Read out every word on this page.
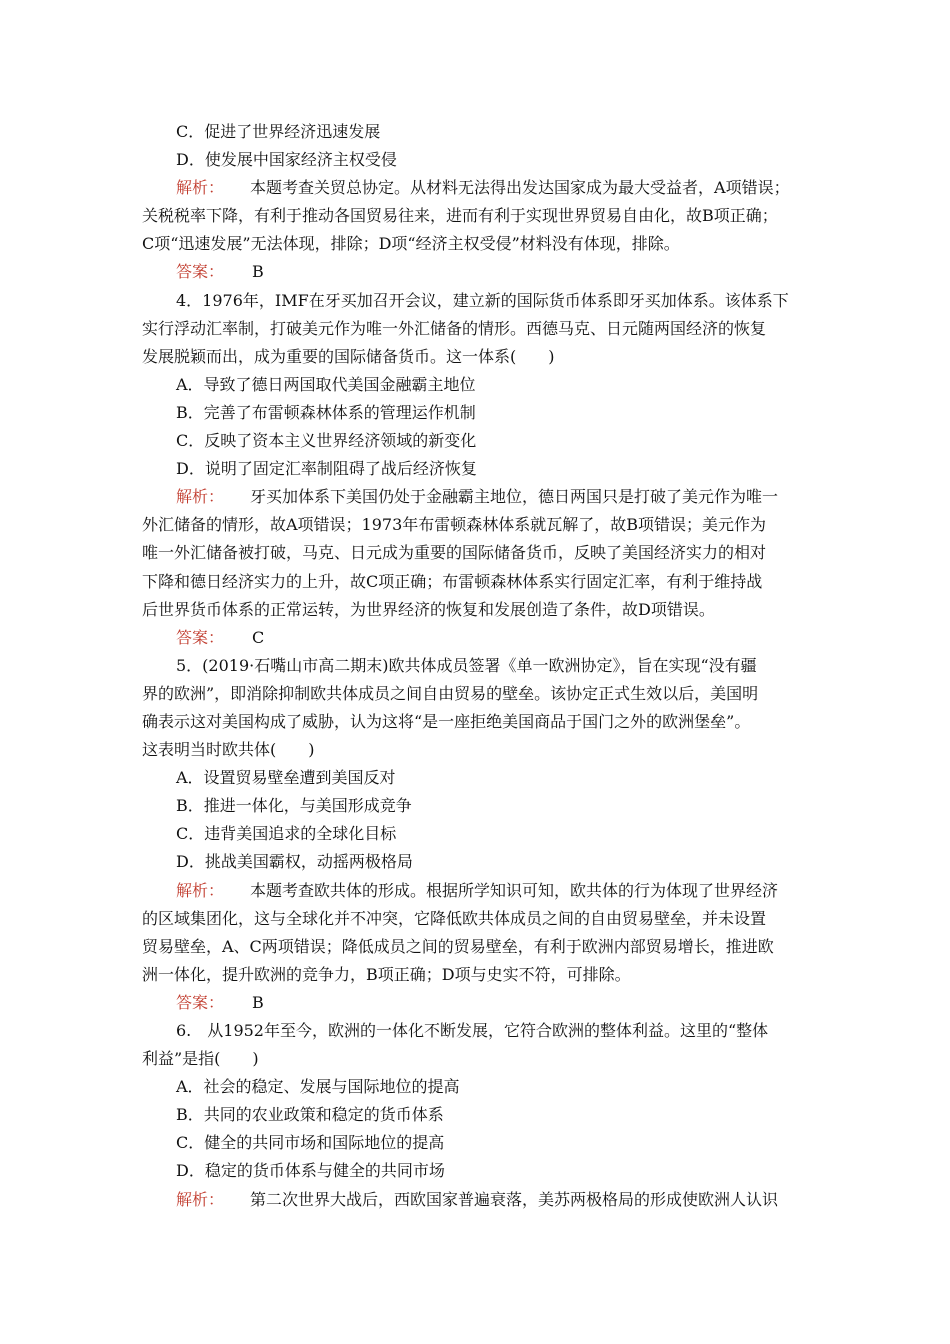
C．促进了世界经济迅速发展
D．使发展中国家经济主权受侵
解析： 本题考查关贸总协定。从材料无法得出发达国家成为最大受益者，A项错误；
关税税率下降，有利于推动各国贸易往来，进而有利于实现世界贸易自由化，故B项正确；
C项“迅速发展”无法体现，排除；D项“经济主权受侵”材料没有体现，排除。
答案： B
4．1976年，IMF在牙买加召开会议，建立新的国际货币体系即牙买加体系。该体系下
实行浮动汇率制，打破美元作为唯一外汇储备的情形。西德马克、日元随两国经济的恢复
发展脱颖而出，成为重要的国际储备货币。这一体系(　　)
A．导致了德日两国取代美国金融霸主地位
B．完善了布雷顿森林体系的管理运作机制
C．反映了资本主义世界经济领域的新变化
D．说明了固定汇率制阻碍了战后经济恢复
解析： 牙买加体系下美国仍处于金融霸主地位，德日两国只是打破了美元作为唯一
外汇储备的情形，故A项错误；1973年布雷顿森林体系就瓦解了，故B项错误；美元作为
唯一外汇储备被打破，马克、日元成为重要的国际储备货币，反映了美国经济实力的相对
下降和德日经济实力的上升，故C项正确；布雷顿森林体系实行固定汇率，有利于维持战
后世界货币体系的正常运转，为世界经济的恢复和发展创造了条件，故D项错误。
答案： C
5．(2019·石嘴山市高二期末)欧共体成员签署《单一欧洲协定》，旨在实现“没有疆
界的欧洲”，即消除抑制欧共体成员之间自由贸易的壁垒。该协定正式生效以后，美国明
确表示这对美国构成了威胁，认为这将“是一座拒绝美国商品于国门之外的欧洲堡垒”。
这表明当时欧共体(　　)
A．设置贸易壁垒遭到美国反对
B．推进一体化，与美国形成竞争
C．违背美国追求的全球化目标
D．挑战美国霸权，动摇两极格局
解析： 本题考查欧共体的形成。根据所学知识可知，欧共体的行为体现了世界经济
的区域集团化，这与全球化并不冲突，它降低欧共体成员之间的自由贸易壁垒，并未设置
贸易壁垒，A、C两项错误；降低成员之间的贸易壁垒，有利于欧洲内部贸易增长，推进欧
洲一体化，提升欧洲的竞争力，B项正确；D项与史实不符，可排除。
答案： B
6.　从1952年至今，欧洲的一体化不断发展，它符合欧洲的整体利益。这里的“整体
利益”是指(　　)
A．社会的稳定、发展与国际地位的提高
B．共同的农业政策和稳定的货币体系
C．健全的共同市场和国际地位的提高
D．稳定的货币体系与健全的共同市场
解析： 第二次世界大战后，西欧国家普遍衰落，美苏两极格局的形成使欧洲人认识
